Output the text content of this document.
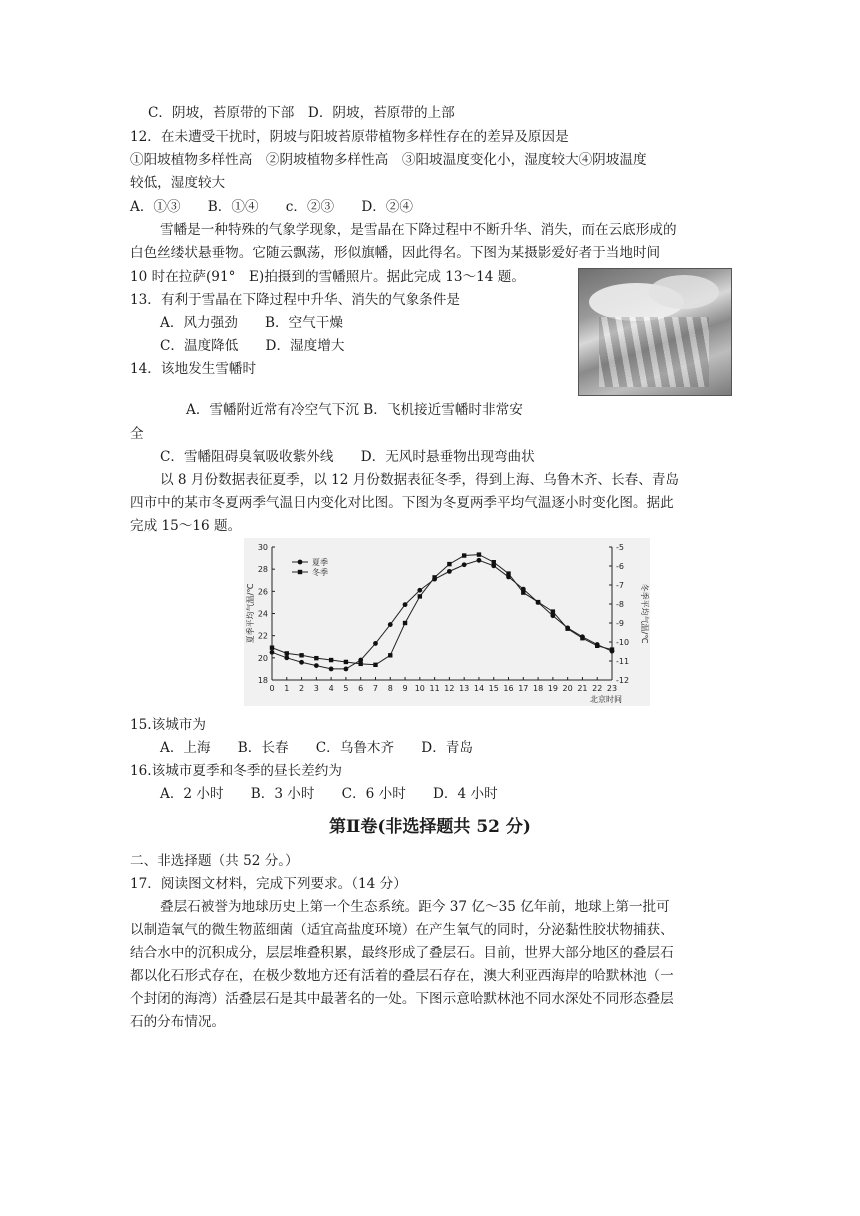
C．阴坡，苔原带的下部　D．阴坡，苔原带的上部
12．在未遭受干扰时，阴坡与阳坡苔原带植物多样性存在的差异及原因是
①阳坡植物多样性高　②阴坡植物多样性高　③阳坡温度变化小，湿度较大④阴坡温度
较低，湿度较大
A．①③　　B．①④　　c．②③　　D．②④
雪幡是一种特殊的气象学现象，是雪晶在下降过程中不断升华、消失，而在云底形成的
白色丝缕状悬垂物。它随云飘荡，形似旗幡，因此得名。下图为某摄影爱好者于当地时间
10 时在拉萨(91°　E)拍摄到的雪幡照片。据此完成 13～14 题。
13．有利于雪晶在下降过程中升华、消失的气象条件是
A．风力强劲　　B．空气干燥
C．温度降低　　D．湿度增大
14．该地发生雪幡时
A．雪幡附近常有冷空气下沉 B．飞机接近雪幡时非常安
全
C．雪幡阻碍臭氧吸收紫外线　　D．无风时悬垂物出现弯曲状
以 8 月份数据表征夏季，以 12 月份数据表征冬季，得到上海、乌鲁木齐、长春、青岛
四市中的某市冬夏两季气温日内变化对比图。下图为冬夏两季平均气温逐小时变化图。据此
完成 15～16 题。
18
20
22
24
26
28
30	-5
-6
-7
-8
-9
-10
-11
-12
0 1 2 3 4 5 6 7 8 9 10 11 12 13 14 15 16 17 18 19 20 21 22 23
夏季平均气温/℃	冬季平均气温/℃
北京时间
夏季
冬季
15.该城市为
A．上海　　B．长春　　C．乌鲁木齐　　D．青岛
16.该城市夏季和冬季的昼长差约为
A．2 小时　　B．3 小时　　C．6 小时　　D．4 小时
第Ⅱ卷(非选择题共 52 分)
二、非选择题（共 52 分。）
17．阅读图文材料，完成下列要求。（14 分）
叠层石被誉为地球历史上第一个生态系统。距今 37 亿～35 亿年前，地球上第一批可
以制造氧气的微生物蓝细菌（适宜高盐度环境）在产生氧气的同时，分泌黏性胶状物捕获、
结合水中的沉积成分，层层堆叠积累，最终形成了叠层石。目前，世界大部分地区的叠层石
都以化石形式存在，在极少数地方还有活着的叠层石存在，澳大利亚西海岸的哈默林池（一
个封闭的海湾）活叠层石是其中最著名的一处。下图示意哈默林池不同水深处不同形态叠层
石的分布情况。
